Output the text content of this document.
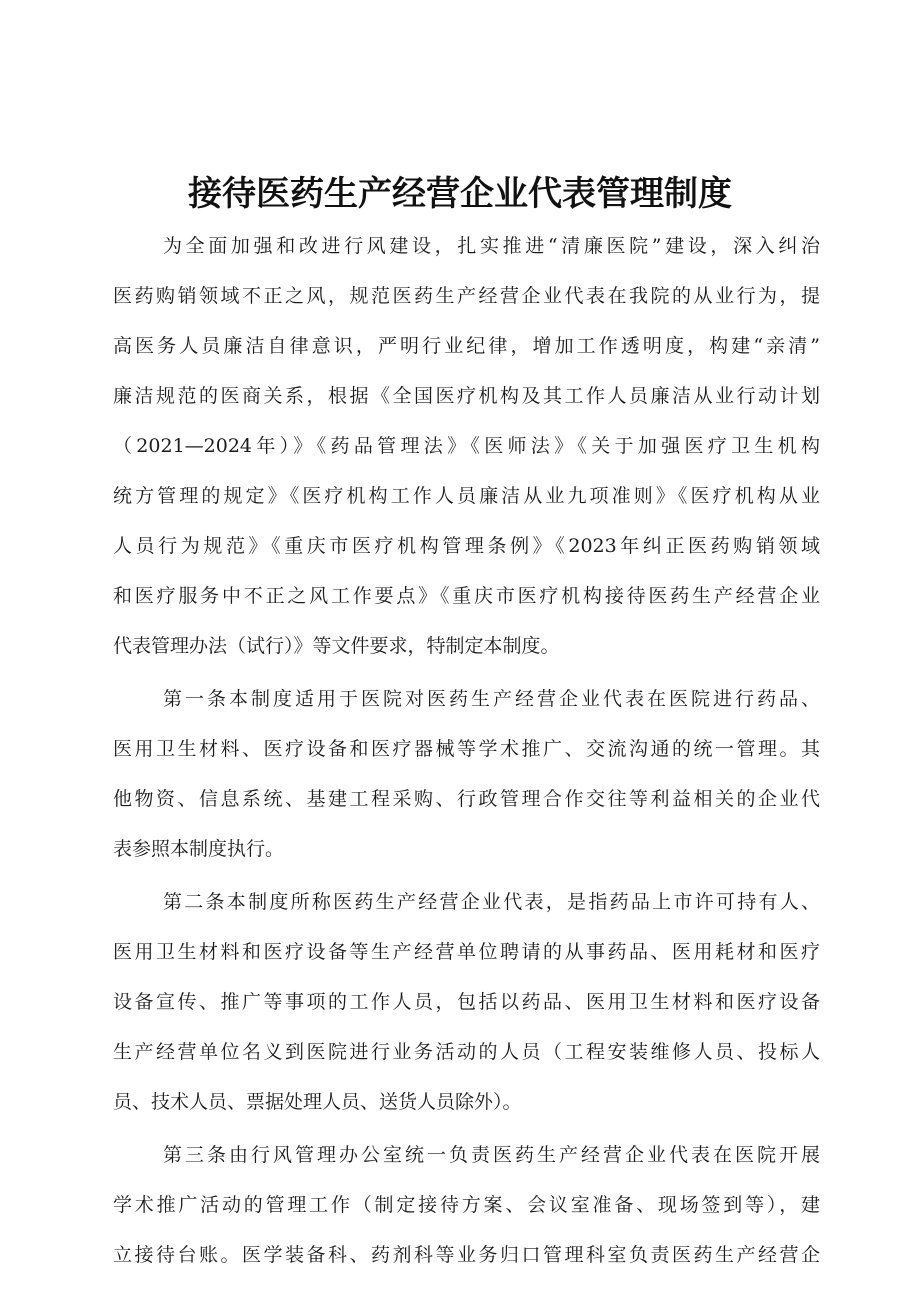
接待医药生产经营企业代表管理制度
为全面加强和改进行风建设，扎实推进“清廉医院”建设，深入纠治
医药购销领域不正之风，规范医药生产经营企业代表在我院的从业行为，提
高医务人员廉洁自律意识，严明行业纪律，增加工作透明度，构建“亲清”
廉洁规范的医商关系，根据《全国医疗机构及其工作人员廉洁从业行动计划
（2021—2024年）》《药品管理法》《医师法》《关于加强医疗卫生机构
统方管理的规定》《医疗机构工作人员廉洁从业九项准则》《医疗机构从业
人员行为规范》《重庆市医疗机构管理条例》《2023年纠正医药购销领域
和医疗服务中不正之风工作要点》《重庆市医疗机构接待医药生产经营企业
代表管理办法（试行）》等文件要求，特制定本制度。
第一条本制度适用于医院对医药生产经营企业代表在医院进行药品、
医用卫生材料、医疗设备和医疗器械等学术推广、交流沟通的统一管理。其
他物资、信息系统、基建工程采购、行政管理合作交往等利益相关的企业代
表参照本制度执行。
第二条本制度所称医药生产经营企业代表，是指药品上市许可持有人、
医用卫生材料和医疗设备等生产经营单位聘请的从事药品、医用耗材和医疗
设备宣传、推广等事项的工作人员，包括以药品、医用卫生材料和医疗设备
生产经营单位名义到医院进行业务活动的人员（工程安装维修人员、投标人
员、技术人员、票据处理人员、送货人员除外）。
第三条由行风管理办公室统一负责医药生产经营企业代表在医院开展
学术推广活动的管理工作（制定接待方案、会议室准备、现场签到等），建
立接待台账。医学装备科、药剂科等业务归口管理科室负责医药生产经营企
